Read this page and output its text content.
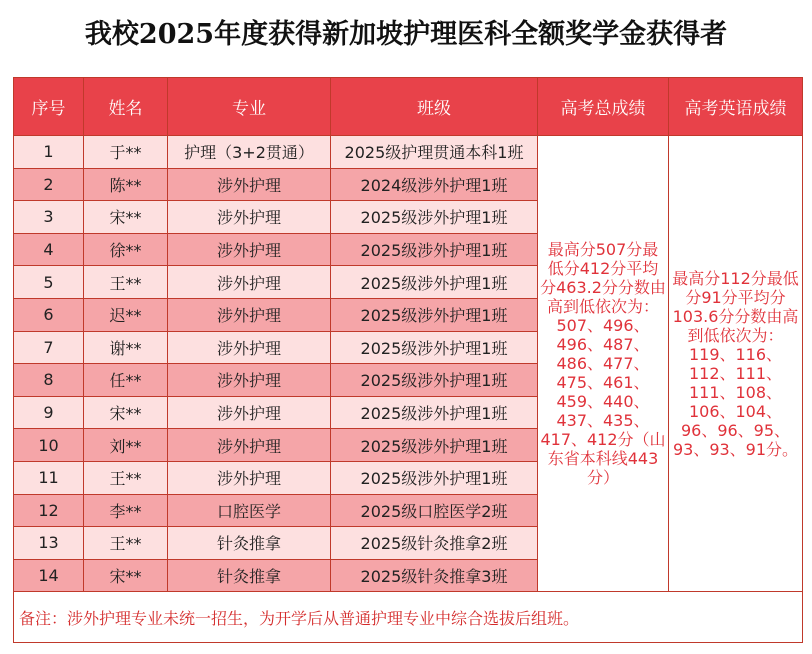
我校2025年度获得新加坡护理医科全额奖学金获得者
序号	姓名	专业	班级	高考总成绩	高考英语成绩
1	于**	护理（3+2贯通）	2025级护理贯通本科1班	最高分507分最低分412分平均分463.2分分数由高到低依次为：507、496、496、487、486、477、475、461、459、440、437、435、417、412分（山东省本科线443分）	最高分112分最低分91分平均分103.6分分数由高到低依次为：119、116、112、111、111、108、106、104、96、96、95、93、93、91分。
2	陈**	涉外护理	2024级涉外护理1班		
3	宋**	涉外护理	2025级涉外护理1班		
4	徐**	涉外护理	2025级涉外护理1班		
5	王**	涉外护理	2025级涉外护理1班		
6	迟**	涉外护理	2025级涉外护理1班		
7	谢**	涉外护理	2025级涉外护理1班		
8	任**	涉外护理	2025级涉外护理1班		
9	宋**	涉外护理	2025级涉外护理1班		
10	刘**	涉外护理	2025级涉外护理1班		
11	王**	涉外护理	2025级涉外护理1班		
12	李**	口腔医学	2025级口腔医学2班		
13	王**	针灸推拿	2025级针灸推拿2班		
14	宋**	针灸推拿	2025级针灸推拿3班		
备注：涉外护理专业未统一招生，为开学后从普通护理专业中综合选拔后组班。					
